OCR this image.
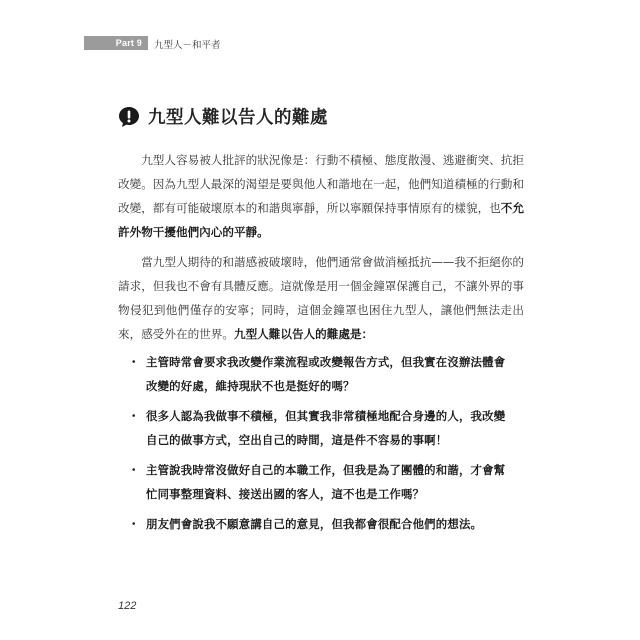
Part 9 九型人－和平者
九型人難以告人的難處

九型人容易被人批評的狀況像是：行動不積極、態度散漫、逃避衝突、抗拒改變。因為九型人最深的渴望是要與他人和諧地在一起，他們知道積極的行動和改變，都有可能破壞原本的和諧與寧靜，所以寧願保持事情原有的樣貌，也不允許外物干擾他們內心的平靜。

當九型人期待的和諧感被破壞時，他們通常會做消極抵抗——我不拒絕你的請求，但我也不會有具體反應。這就像是用一個金鐘罩保護自己，不讓外界的事物侵犯到他們僅存的安寧；同時，這個金鐘罩也困住九型人，讓他們無法走出來，感受外在的世界。九型人難以告人的難處是：

・ 主管時常會要求我改變作業流程或改變報告方式，但我實在沒辦法體會
改變的好處，維持現狀不也是挺好的嗎？
・ 很多人認為我做事不積極，但其實我非常積極地配合身邊的人，我改變
自己的做事方式，空出自己的時間，這是件不容易的事啊！
・ 主管說我時常沒做好自己的本職工作，但我是為了團體的和諧，才會幫
忙同事整理資料、接送出國的客人，這不也是工作嗎？
・ 朋友們會說我不願意講自己的意見，但我都會很配合他們的想法。
122
